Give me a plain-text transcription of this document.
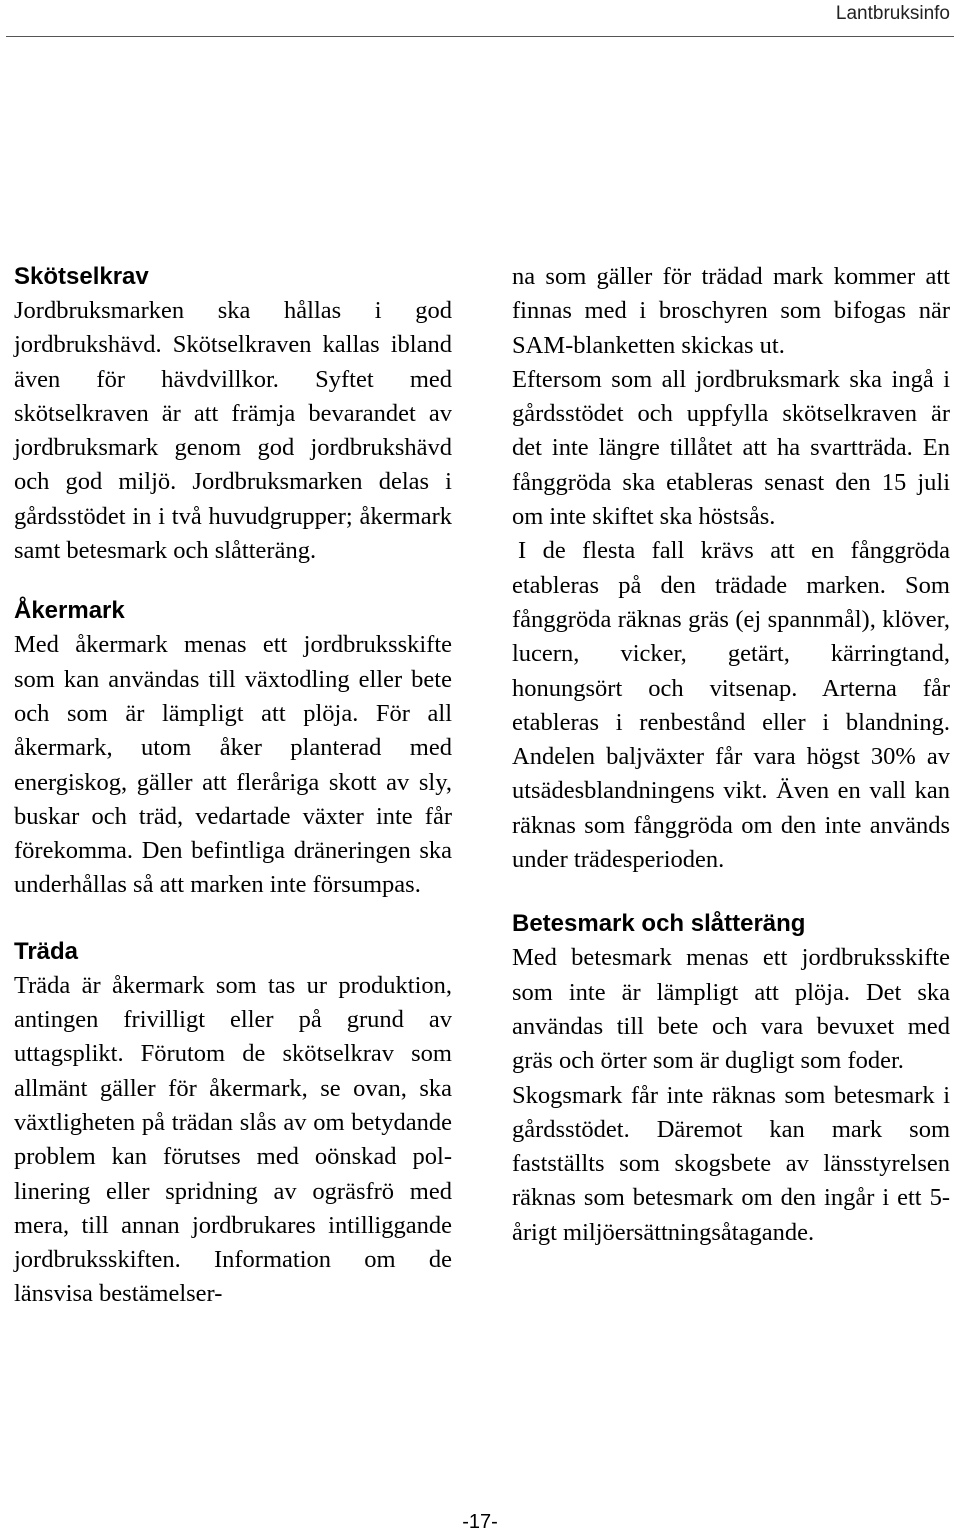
Lantbruksinfo
Skötselkrav

Jordbruksmarken ska hållas i god jordbrukshävd. Skötselkraven kallas ibland även för hävdvillkor. Syftet med skötselkraven är att främja bevarandet av jordbruksmark genom god jordbrukshävd och god miljö. Jordbruksmarken delas i gårdsstödet in i två huvudgrupper; åkermark samt betesmark och slåtteräng.

Åkermark

Med åkermark menas ett jordbruksskifte som kan användas till växtodling eller bete och som är lämpligt att plöja. För all åkermark, utom åker planterad med energiskog, gäller att fleråriga skott av sly, buskar och träd, vedartade växter inte får förekomma. Den befintliga dräneringen ska underhållas så att marken inte försumpas.

Träda

Träda är åkermark som tas ur produktion, antingen frivilligt eller på grund av uttagsplikt. Förutom de skötselkrav som allmänt gäller för åkermark, se ovan, ska växtligheten på trädan slås av om betydande problem kan förutses med oönskad pollinering eller spridning av ogräsfrö med mera, till annan jordbrukares intilliggande jordbruksskiften. Information om de länsvisa bestämelser-

na som gäller för trädad mark kommer att finnas med i broschyren som bifogas när SAM-blanketten skickas ut.

Eftersom som all jordbruksmark ska ingå i gårdsstödet och uppfylla skötselkraven är det inte längre tillåtet att ha svartträda. En fånggröda ska etableras senast den 15 juli om inte skiftet ska höstsås.

I de flesta fall krävs att en fånggröda etableras på den trädade marken. Som fånggröda räknas gräs (ej spannmål), klöver, lucern, vicker, getärt, kärringtand, honungsört och vitsenap. Arterna får etableras i renbestånd eller i blandning. Andelen baljväxter får vara högst 30% av utsädesblandningens vikt. Även en vall kan räknas som fånggröda om den inte används under trädesperioden.

Betesmark och slåtteräng

Med betesmark menas ett jordbruksskifte som inte är lämpligt att plöja. Det ska användas till bete och vara bevuxet med gräs och örter som är dugligt som foder.

Skogsmark får inte räknas som betesmark i gårdsstödet. Däremot kan mark som fastställts som skogsbete av länsstyrelsen räknas som betesmark om den ingår i ett 5-årigt miljöersättningsåtagande.

-17-
